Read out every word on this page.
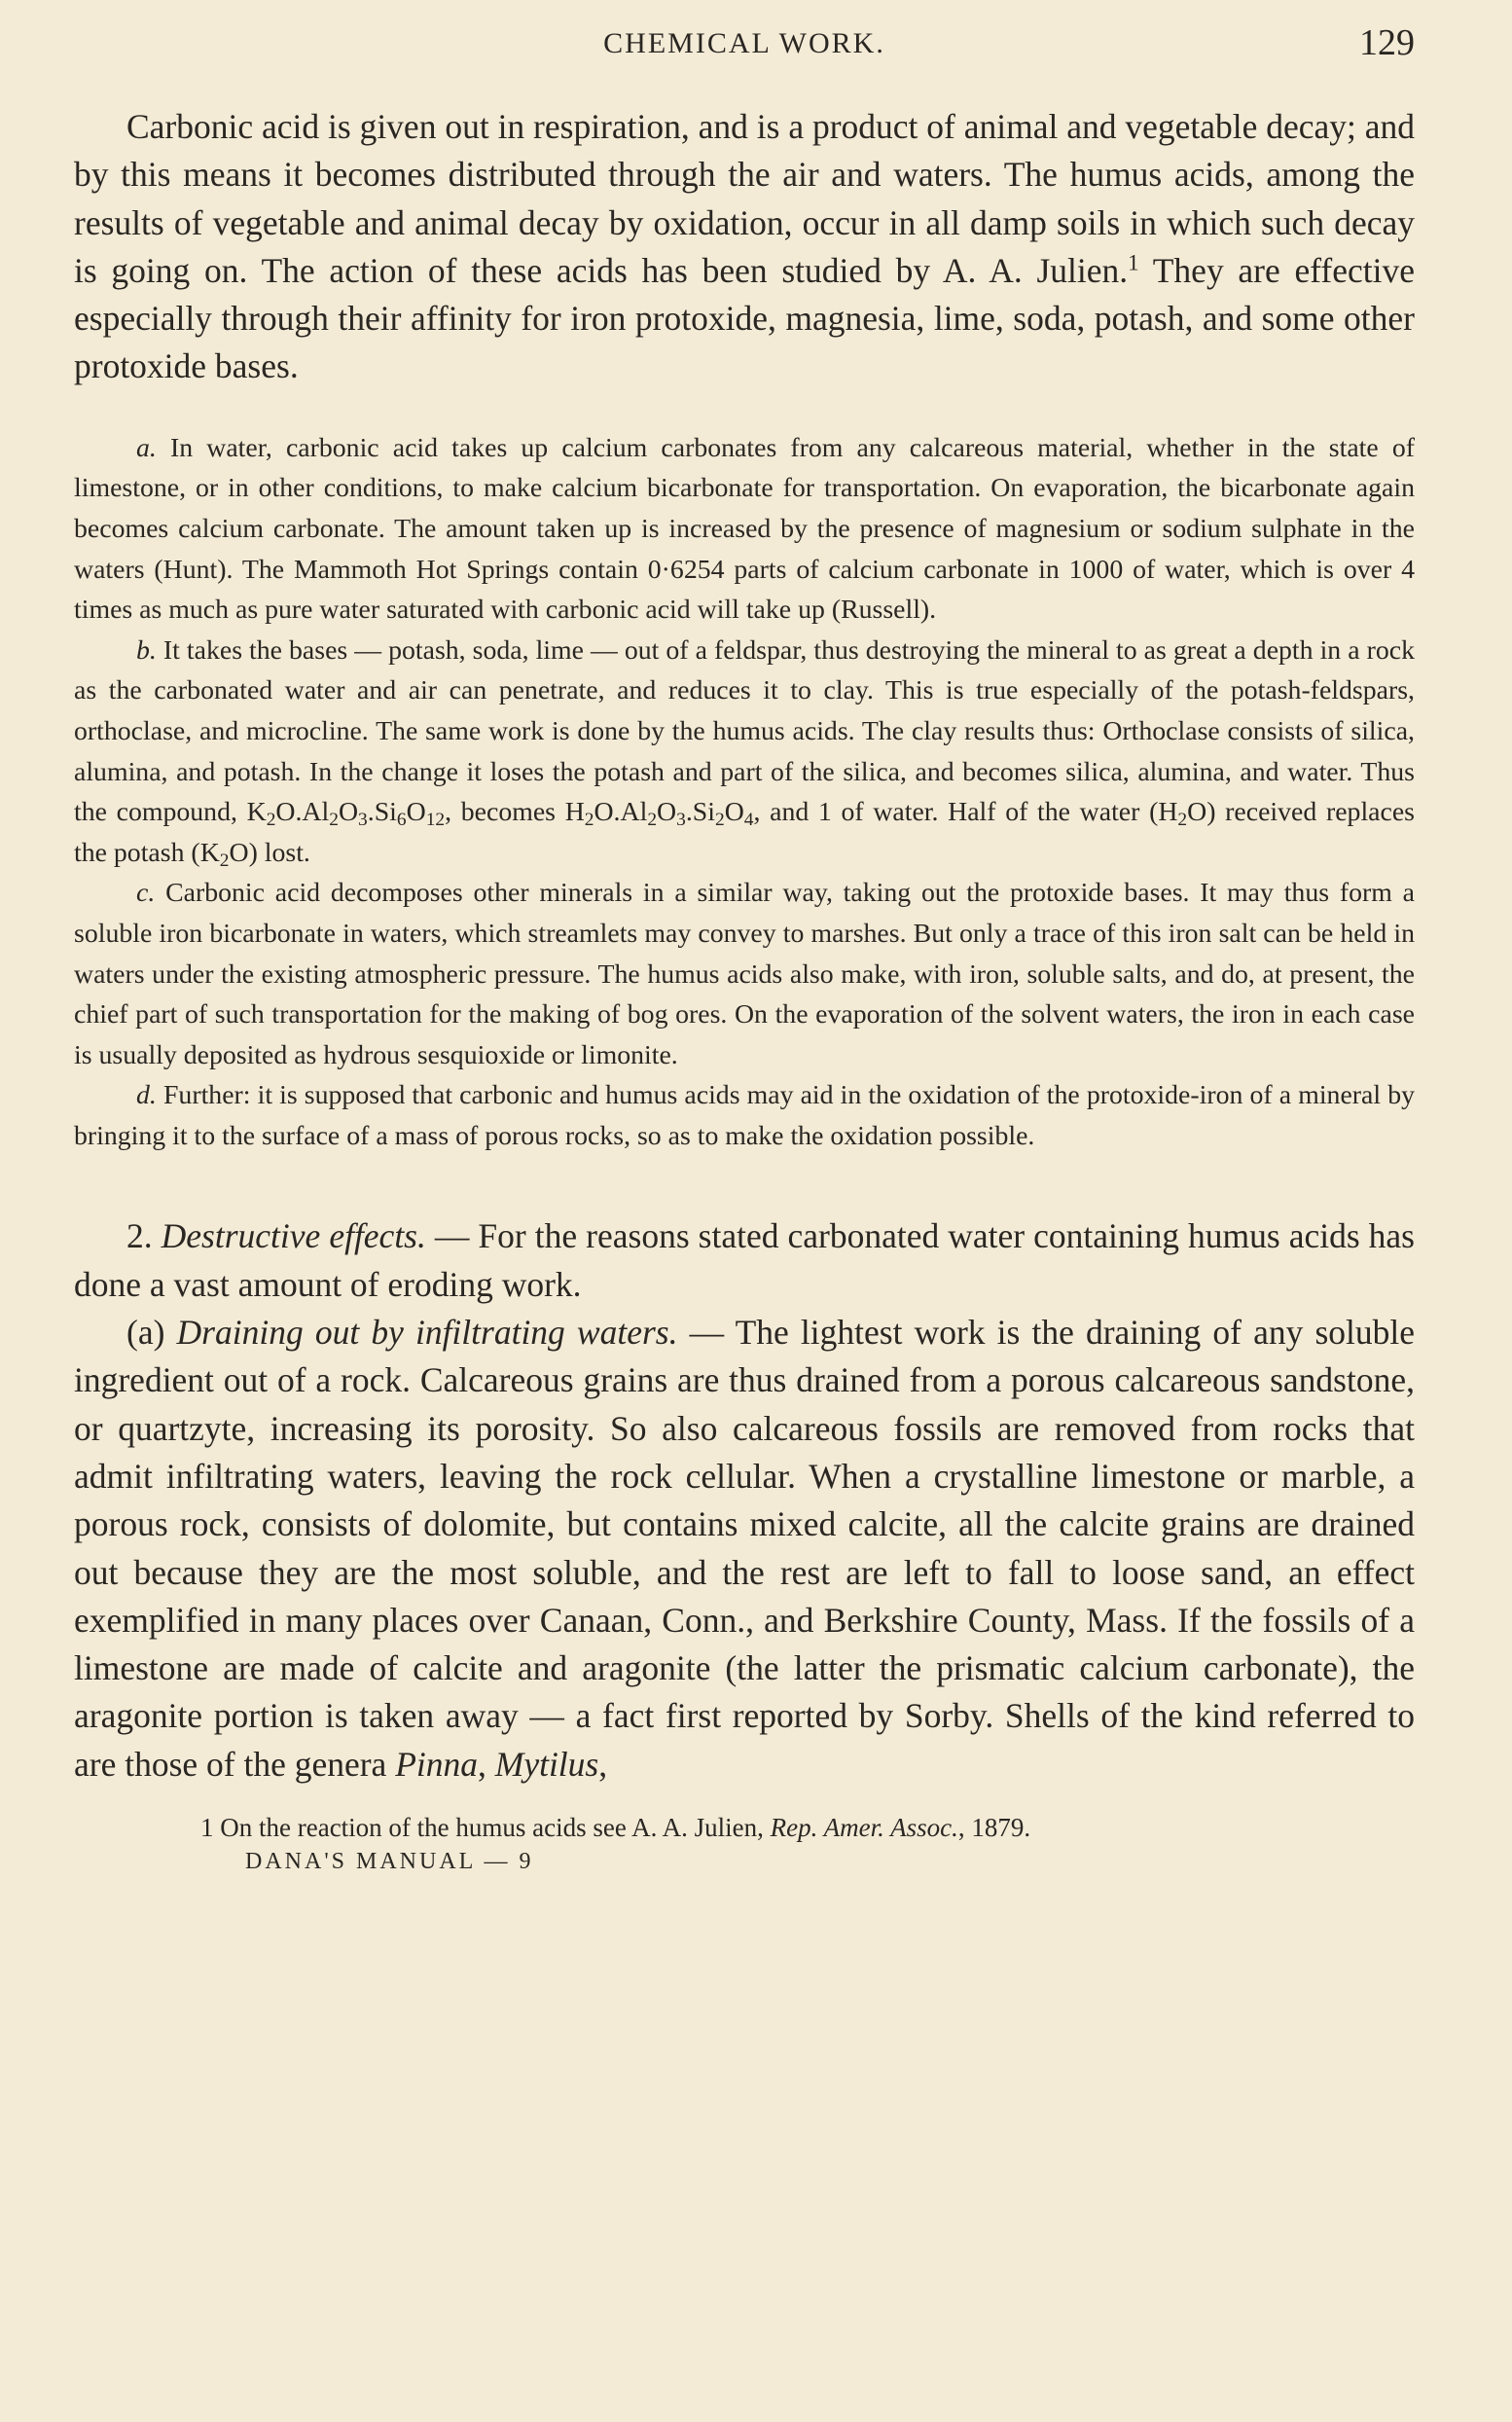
CHEMICAL WORK.	129

Carbonic acid is given out in respiration, and is a product of animal and vegetable decay; and by this means it becomes distributed through the air and waters. The humus acids, among the results of vegetable and animal decay by oxidation, occur in all damp soils in which such decay is going on. The action of these acids has been studied by A. A. Julien.$^1$ They are effective especially through their affinity for iron protoxide, magnesia, lime, soda, potash, and some other protoxide bases.

a. In water, carbonic acid takes up calcium carbonates from any calcareous material, whether in the state of limestone, or in other conditions, to make calcium bicarbonate for transportation. On evaporation, the bicarbonate again becomes calcium carbonate. The amount taken up is increased by the presence of magnesium or sodium sulphate in the waters (Hunt). The Mammoth Hot Springs contain 0·6254 parts of calcium carbonate in 1000 of water, which is over 4 times as much as pure water saturated with carbonic acid will take up (Russell).

b. It takes the bases — potash, soda, lime — out of a feldspar, thus destroying the mineral to as great a depth in a rock as the carbonated water and air can penetrate, and reduces it to clay. This is true especially of the potash-feldspars, orthoclase, and microcline. The same work is done by the humus acids. The clay results thus: Orthoclase consists of silica, alumina, and potash. In the change it loses the potash and part of the silica, and becomes silica, alumina, and water. Thus the compound, $K_2O.Al_2O_3.Si_6O_{12}$, becomes $H_2O.Al_2O_3.Si_2O_4$, and 1 of water. Half of the water $(H_2O)$ received replaces the potash $(K_2O)$ lost.

c. Carbonic acid decomposes other minerals in a similar way, taking out the protoxide bases. It may thus form a soluble iron bicarbonate in waters, which streamlets may convey to marshes. But only a trace of this iron salt can be held in waters under the existing atmospheric pressure. The humus acids also make, with iron, soluble salts, and do, at present, the chief part of such transportation for the making of bog ores. On the evaporation of the solvent waters, the iron in each case is usually deposited as hydrous sesquioxide or limonite.

d. Further: it is supposed that carbonic and humus acids may aid in the oxidation of the protoxide-iron of a mineral by bringing it to the surface of a mass of porous rocks, so as to make the oxidation possible.

2. Destructive effects. — For the reasons stated carbonated water containing humus acids has done a vast amount of eroding work.

(a) Draining out by infiltrating waters. — The lightest work is the draining of any soluble ingredient out of a rock. Calcareous grains are thus drained from a porous calcareous sandstone, or quartzyte, increasing its porosity. So also calcareous fossils are removed from rocks that admit infiltrating waters, leaving the rock cellular. When a crystalline limestone or marble, a porous rock, consists of dolomite, but contains mixed calcite, all the calcite grains are drained out because they are the most soluble, and the rest are left to fall to loose sand, an effect exemplified in many places over Canaan, Conn., and Berkshire County, Mass. If the fossils of a limestone are made of calcite and aragonite (the latter the prismatic calcium carbonate), the aragonite portion is taken away — a fact first reported by Sorby. Shells of the kind referred to are those of the genera Pinna, Mytilus,

1 On the reaction of the humus acids see A. A. Julien, Rep. Amer. Assoc., 1879.

DANA'S MANUAL — 9
